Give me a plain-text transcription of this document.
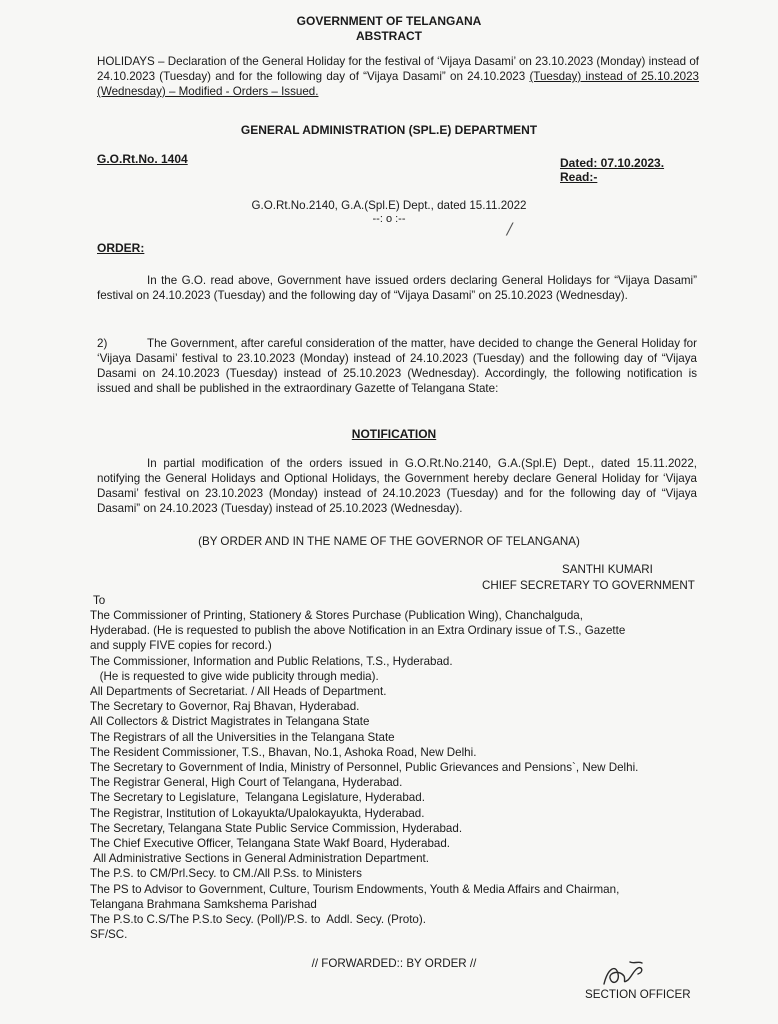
GOVERNMENT OF TELANGANA
ABSTRACT
HOLIDAYS – Declaration of the General Holiday for the festival of ‘Vijaya Dasami’ on 23.10.2023 (Monday) instead of 24.10.2023 (Tuesday) and for the following day of “Vijaya Dasami” on 24.10.2023 (Tuesday) instead of 25.10.2023 (Wednesday) – Modified - Orders – Issued.
GENERAL ADMINISTRATION (SPL.E) DEPARTMENT
G.O.Rt.No. 1404	Dated: 07.10.2023.
Read:-
G.O.Rt.No.2140, G.A.(Spl.E) Dept., dated 15.11.2022
--: o :--	/
ORDER:
In the G.O. read above, Government have issued orders declaring General Holidays for “Vijaya Dasami” festival on 24.10.2023 (Tuesday) and the following day of “Vijaya Dasami” on 25.10.2023 (Wednesday).
2)	The Government, after careful consideration of the matter, have decided to change the General Holiday for ‘Vijaya Dasami’ festival to 23.10.2023 (Monday) instead of 24.10.2023 (Tuesday) and the following day of “Vijaya Dasami on 24.10.2023 (Tuesday) instead of 25.10.2023 (Wednesday). Accordingly, the following notification is issued and shall be published in the extraordinary Gazette of Telangana State:
NOTIFICATION
In partial modification of the orders issued in G.O.Rt.No.2140, G.A.(Spl.E) Dept., dated 15.11.2022, notifying the General Holidays and Optional Holidays, the Government hereby declare General Holiday for ‘Vijaya Dasami’ festival on 23.10.2023 (Monday) instead of 24.10.2023 (Tuesday) and for the following day of “Vijaya Dasami” on 24.10.2023 (Tuesday) instead of 25.10.2023 (Wednesday).
(BY ORDER AND IN THE NAME OF THE GOVERNOR OF TELANGANA)
SANTHI KUMARI
CHIEF SECRETARY TO GOVERNMENT
To
The Commissioner of Printing, Stationery & Stores Purchase (Publication Wing), Chanchalguda,
Hyderabad. (He is requested to publish the above Notification in an Extra Ordinary issue of T.S., Gazette
and supply FIVE copies for record.)
The Commissioner, Information and Public Relations, T.S., Hyderabad.
(He is requested to give wide publicity through media).
All Departments of Secretariat. / All Heads of Department.
The Secretary to Governor, Raj Bhavan, Hyderabad.
All Collectors & District Magistrates in Telangana State
The Registrars of all the Universities in the Telangana State
The Resident Commissioner, T.S., Bhavan, No.1, Ashoka Road, New Delhi.
The Secretary to Government of India, Ministry of Personnel, Public Grievances and Pensions`, New Delhi.
The Registrar General, High Court of Telangana, Hyderabad.
The Secretary to Legislature,  Telangana Legislature, Hyderabad.
The Registrar, Institution of Lokayukta/Upalokayukta, Hyderabad.
The Secretary, Telangana State Public Service Commission, Hyderabad.
The Chief Executive Officer, Telangana State Wakf Board, Hyderabad.
All Administrative Sections in General Administration Department.
The P.S. to CM/Prl.Secy. to CM./All P.Ss. to Ministers
The PS to Advisor to Government, Culture, Tourism Endowments, Youth & Media Affairs and Chairman,
Telangana Brahmana Samkshema Parishad
The P.S.to C.S/The P.S.to Secy. (Poll)/P.S. to  Addl. Secy. (Proto).
SF/SC.
// FORWARDED:: BY ORDER //
SECTION OFFICER
